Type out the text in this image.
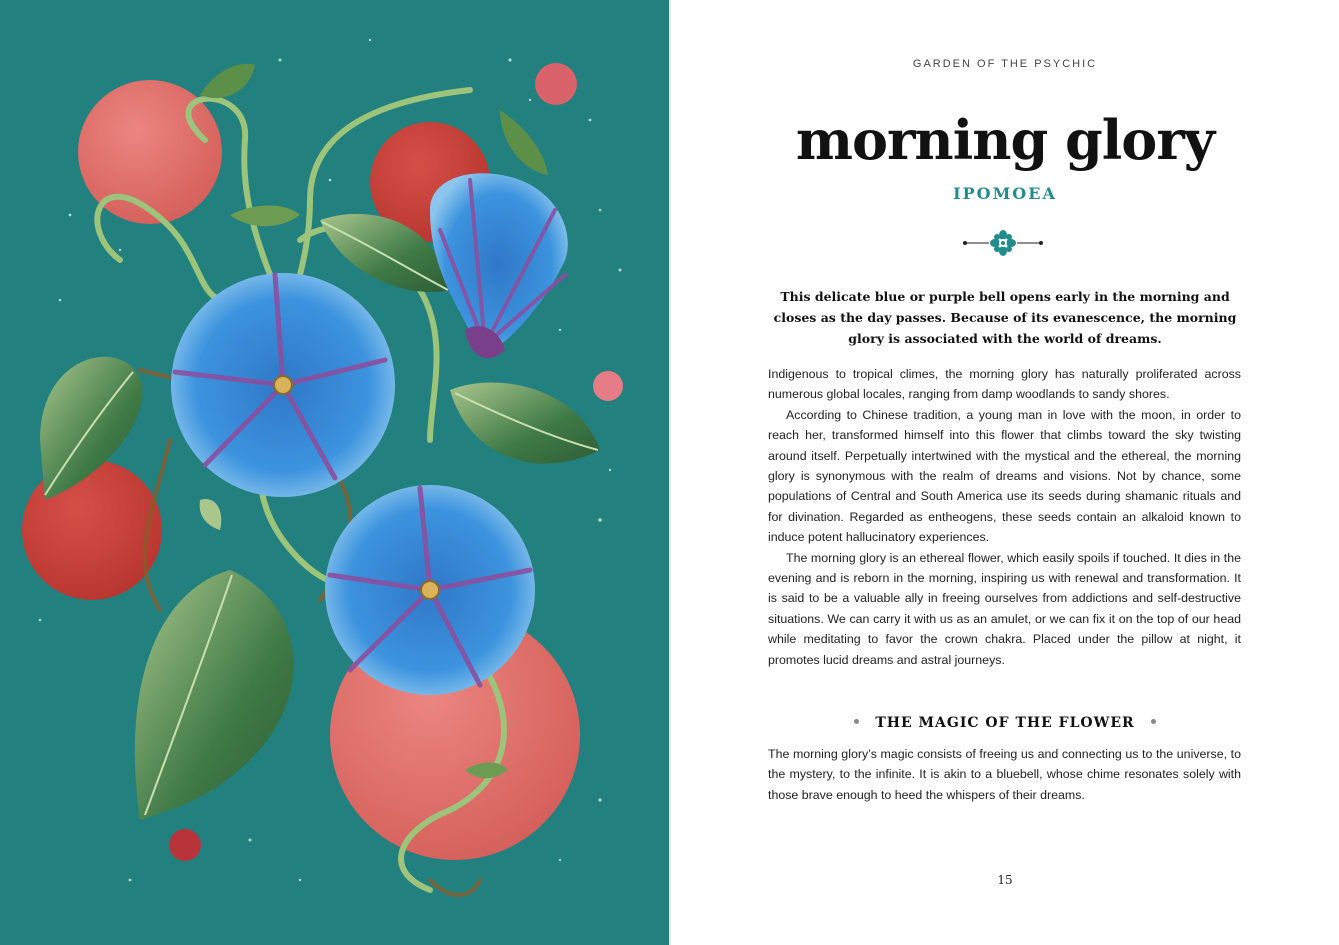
GARDEN OF THE PSYCHIC
morning glory
IPOMOEA
This delicate blue or purple bell opens early in the morning and closes as the day passes. Because of its evanescence, the morning glory is associated with the world of dreams.

Indigenous to tropical climes, the morning glory has naturally proliferated across numerous global locales, ranging from damp woodlands to sandy shores.

According to Chinese tradition, a young man in love with the moon, in order to reach her, transformed himself into this flower that climbs toward the sky twisting around itself. Perpetually intertwined with the mystical and the ethereal, the morning glory is synonymous with the realm of dreams and visions. Not by chance, some populations of Central and South America use its seeds during shamanic rituals and for divination. Regarded as entheogens, these seeds contain an alkaloid known to induce potent hallucinatory experiences.

The morning glory is an ethereal flower, which easily spoils if touched. It dies in the evening and is reborn in the morning, inspiring us with renewal and transformation. It is said to be a valuable ally in freeing ourselves from addictions and self-destructive situations. We can carry it with us as an amulet, or we can fix it on the top of our head while meditating to favor the crown chakra. Placed under the pillow at night, it promotes lucid dreams and astral journeys.

THE MAGIC OF THE FLOWER

The morning glory’s magic consists of freeing us and connecting us to the universe, to the mystery, to the infinite. It is akin to a bluebell, whose chime resonates solely with those brave enough to heed the whispers of their dreams.

15
